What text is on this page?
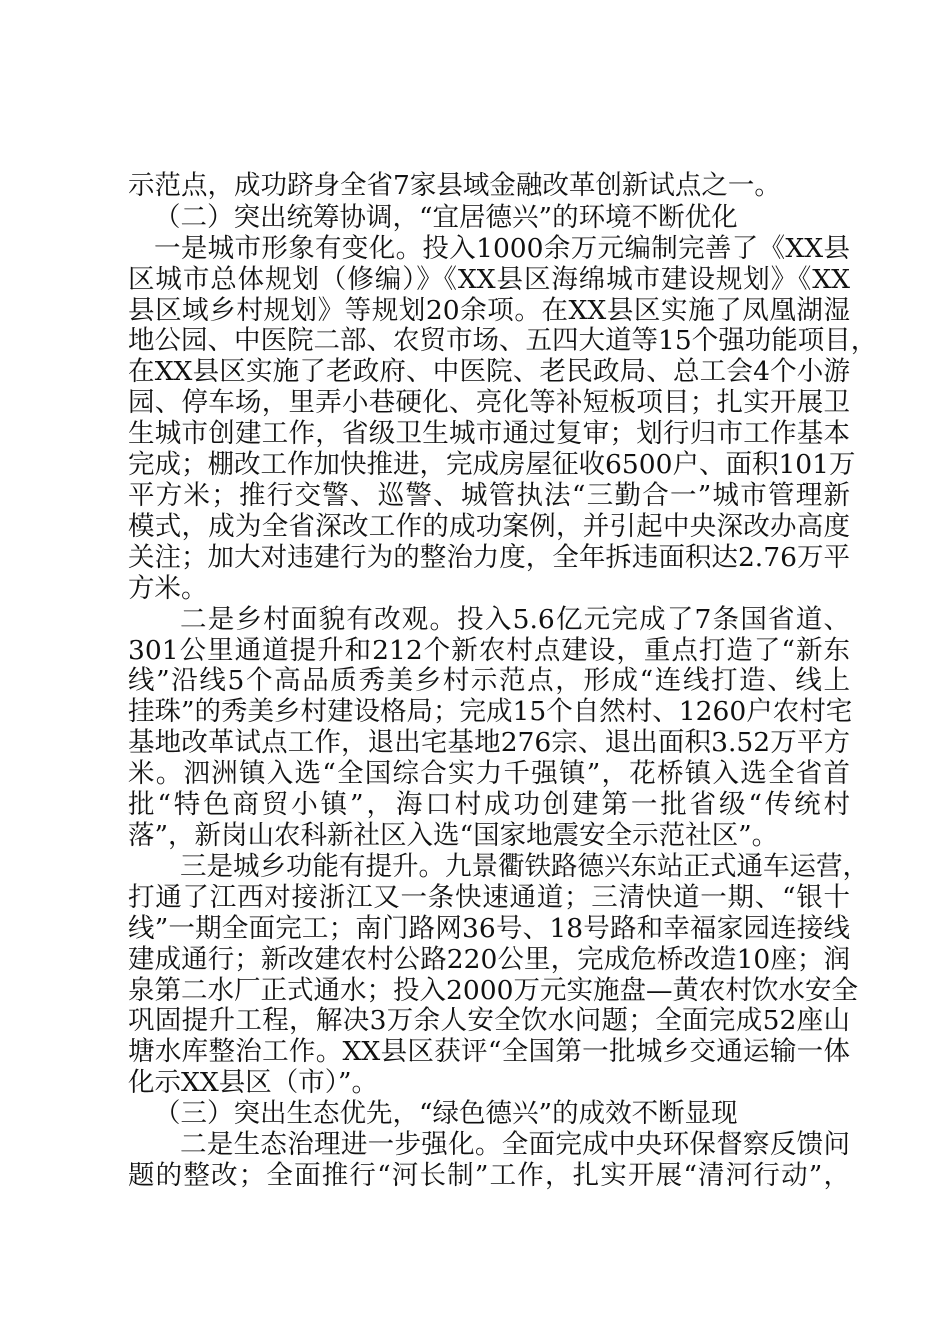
示范点，成功跻身全省7家县域金融改革创新试点之一。
（二）突出统筹协调，“宜居德兴”的环境不断优化
一是城市形象有变化。投入1000余万元编制完善了《XX县
区城市总体规划（修编）》《XX县区海绵城市建设规划》《XX
县区域乡村规划》等规划20余项。在XX县区实施了凤凰湖湿
地公园、中医院二部、农贸市场、五四大道等15个强功能项目，
在XX县区实施了老政府、中医院、老民政局、总工会4个小游
园、停车场，里弄小巷硬化、亮化等补短板项目；扎实开展卫
生城市创建工作，省级卫生城市通过复审；划行归市工作基本
完成；棚改工作加快推进，完成房屋征收6500户、面积101万
平方米；推行交警、巡警、城管执法“三勤合一”城市管理新
模式，成为全省深改工作的成功案例，并引起中央深改办高度
关注；加大对违建行为的整治力度，全年拆违面积达2.76万平
方米。
二是乡村面貌有改观。投入5.6亿元完成了7条国省道、
301公里通道提升和212个新农村点建设，重点打造了“新东
线”沿线5个高品质秀美乡村示范点，形成“连线打造、线上
挂珠”的秀美乡村建设格局；完成15个自然村、1260户农村宅
基地改革试点工作，退出宅基地276宗、退出面积3.52万平方
米。泗洲镇入选“全国综合实力千强镇”，花桥镇入选全省首
批“特色商贸小镇”，海口村成功创建第一批省级“传统村
落”，新岗山农科新社区入选“国家地震安全示范社区”。
三是城乡功能有提升。九景衢铁路德兴东站正式通车运营，
打通了江西对接浙江又一条快速通道；三清快道一期、“银十
线”一期全面完工；南门路网36号、18号路和幸福家园连接线
建成通行；新改建农村公路220公里，完成危桥改造10座；润
泉第二水厂正式通水；投入2000万元实施盘—黄农村饮水安全
巩固提升工程，解决3万余人安全饮水问题；全面完成52座山
塘水库整治工作。XX县区获评“全国第一批城乡交通运输一体
化示XX县区（市）”。
（三）突出生态优先，“绿色德兴”的成效不断显现
二是生态治理进一步强化。全面完成中央环保督察反馈问
题的整改；全面推行“河长制”工作，扎实开展“清河行动”，
